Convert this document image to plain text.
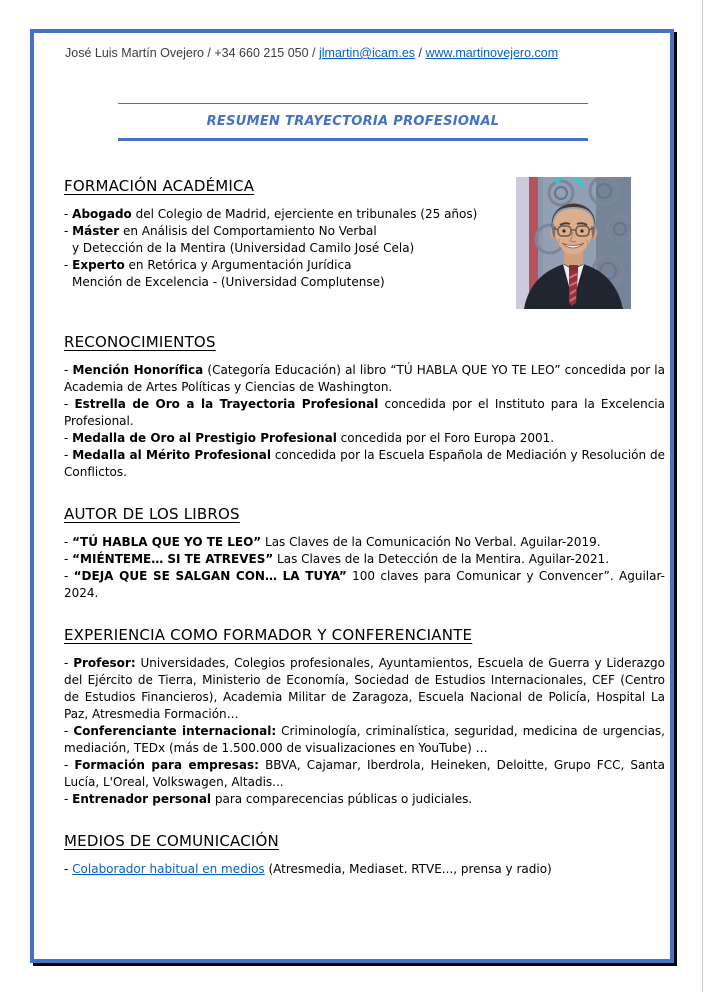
José Luis Martín Ovejero / +34 660 215 050 / jlmartin@icam.es / www.martinovejero.com
RESUMEN TRAYECTORIA PROFESIONAL
FORMACIÓN ACADÉMICA

- Abogado del Colegio de Madrid, ejerciente en tribunales (25 años)

- Máster en Análisis del Comportamiento No Verbal

y Detección de la Mentira (Universidad Camilo José Cela)

- Experto en Retórica y Argumentación Jurídica

Mención de Excelencia - (Universidad Complutense)

RECONOCIMIENTOS

- Mención Honorífica (Categoría Educación) al libro “TÚ HABLA QUE YO TE LEO” concedida por la Academia de Artes Políticas y Ciencias de Washington.

- Estrella de Oro a la Trayectoria Profesional concedida por el Instituto para la Excelencia Profesional.

- Medalla de Oro al Prestigio Profesional concedida por el Foro Europa 2001.

- Medalla al Mérito Profesional concedida por la Escuela Española de Mediación y Resolución de Conflictos.

AUTOR DE LOS LIBROS

- “TÚ HABLA QUE YO TE LEO” Las Claves de la Comunicación No Verbal. Aguilar-2019.

- “MIÉNTEME… SI TE ATREVES” Las Claves de la Detección de la Mentira. Aguilar-2021.

- “DEJA QUE SE SALGAN CON… LA TUYA” 100 claves para Comunicar y Convencer”. Aguilar-2024.

EXPERIENCIA COMO FORMADOR Y CONFERENCIANTE

- Profesor: Universidades, Colegios profesionales, Ayuntamientos, Escuela de Guerra y Liderazgo del Ejército de Tierra, Ministerio de Economía, Sociedad de Estudios Internacionales, CEF (Centro de Estudios Financieros), Academia Militar de Zaragoza, Escuela Nacional de Policía, Hospital La Paz, Atresmedia Formación…

- Conferenciante internacional: Criminología, criminalística, seguridad, medicina de urgencias, mediación, TEDx (más de 1.500.000 de visualizaciones en YouTube) …

- Formación para empresas: BBVA, Cajamar, Iberdrola, Heineken, Deloitte, Grupo FCC, Santa Lucía, L'Oreal, Volkswagen, Altadis...

- Entrenador personal para comparecencias públicas o judiciales.

MEDIOS DE COMUNICACIÓN

- Colaborador habitual en medios (Atresmedia, Mediaset. RTVE..., prensa y radio)
